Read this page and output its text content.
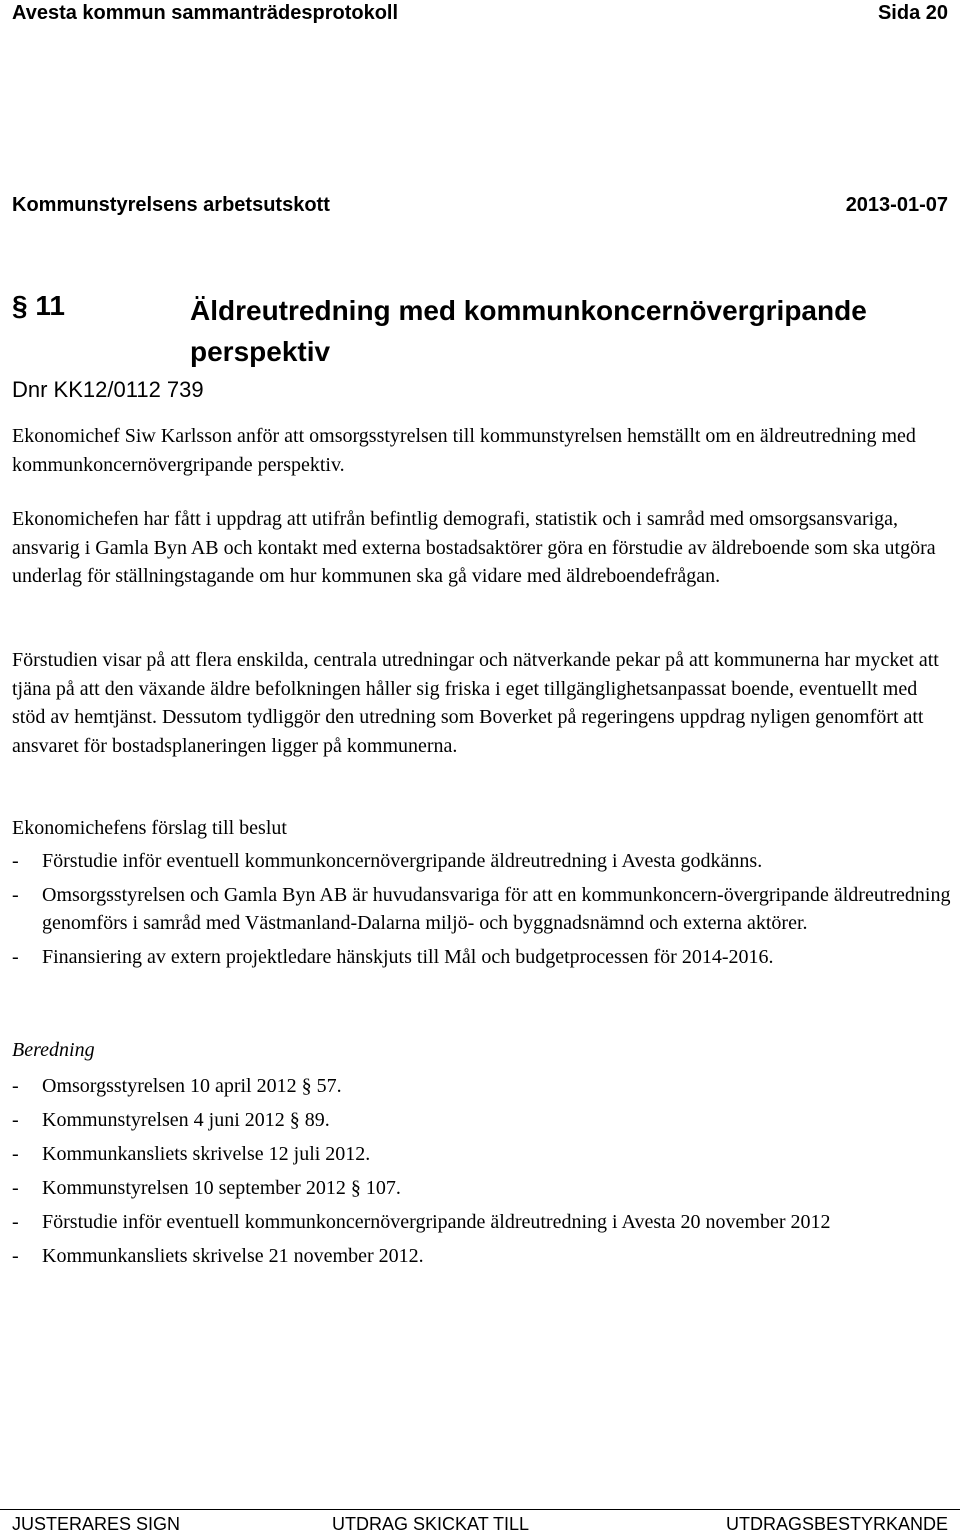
Avesta kommun sammanträdesprotokoll	Sida 20
Kommunstyrelsens arbetsutskott	2013-01-07
§ 11	Äldreutredning med kommunkoncernövergripande perspektiv
Dnr KK12/0112 739
Ekonomichef Siw Karlsson anför att omsorgsstyrelsen till kommunstyrelsen hemställt om en äldreutredning med kommunkoncernövergripande perspektiv.
Ekonomichefen har fått i uppdrag att utifrån befintlig demografi, statistik och i samråd med omsorgsansvariga, ansvarig i Gamla Byn AB och kontakt med externa bostadsaktörer göra en förstudie av äldreboende som ska utgöra underlag för ställningstagande om hur kommunen ska gå vidare med äldreboendefrågan.
Förstudien visar på att flera enskilda, centrala utredningar och nätverkande pekar på att kommunerna har mycket att tjäna på att den växande äldre befolkningen håller sig friska i eget tillgänglighetsanpassat boende, eventuellt med stöd av hemtjänst. Dessutom tydliggör den utredning som Boverket på regeringens uppdrag nyligen genomfört att ansvaret för bostadsplaneringen ligger på kommunerna.
Ekonomichefens förslag till beslut
- Förstudie inför eventuell kommunkoncernövergripande äldreutredning i Avesta godkänns.
- Omsorgsstyrelsen och Gamla Byn AB är huvudansvariga för att en kommunkoncern-övergripande äldreutredning genomförs i samråd med Västmanland-Dalarna miljö- och byggnadsnämnd och externa aktörer.
- Finansiering av extern projektledare hänskjuts till Mål och budgetprocessen för 2014-2016.
Beredning
- Omsorgsstyrelsen 10 april 2012 § 57.
- Kommunstyrelsen 4 juni 2012 § 89.
- Kommunkansliets skrivelse 12 juli 2012.
- Kommunstyrelsen 10 september 2012 § 107.
- Förstudie inför eventuell kommunkoncernövergripande äldreutredning i Avesta 20 november 2012
- Kommunkansliets skrivelse 21 november 2012.
JUSTERARES SIGN	UTDRAG SKICKAT TILL	UTDRAGSBESTYRKANDE
